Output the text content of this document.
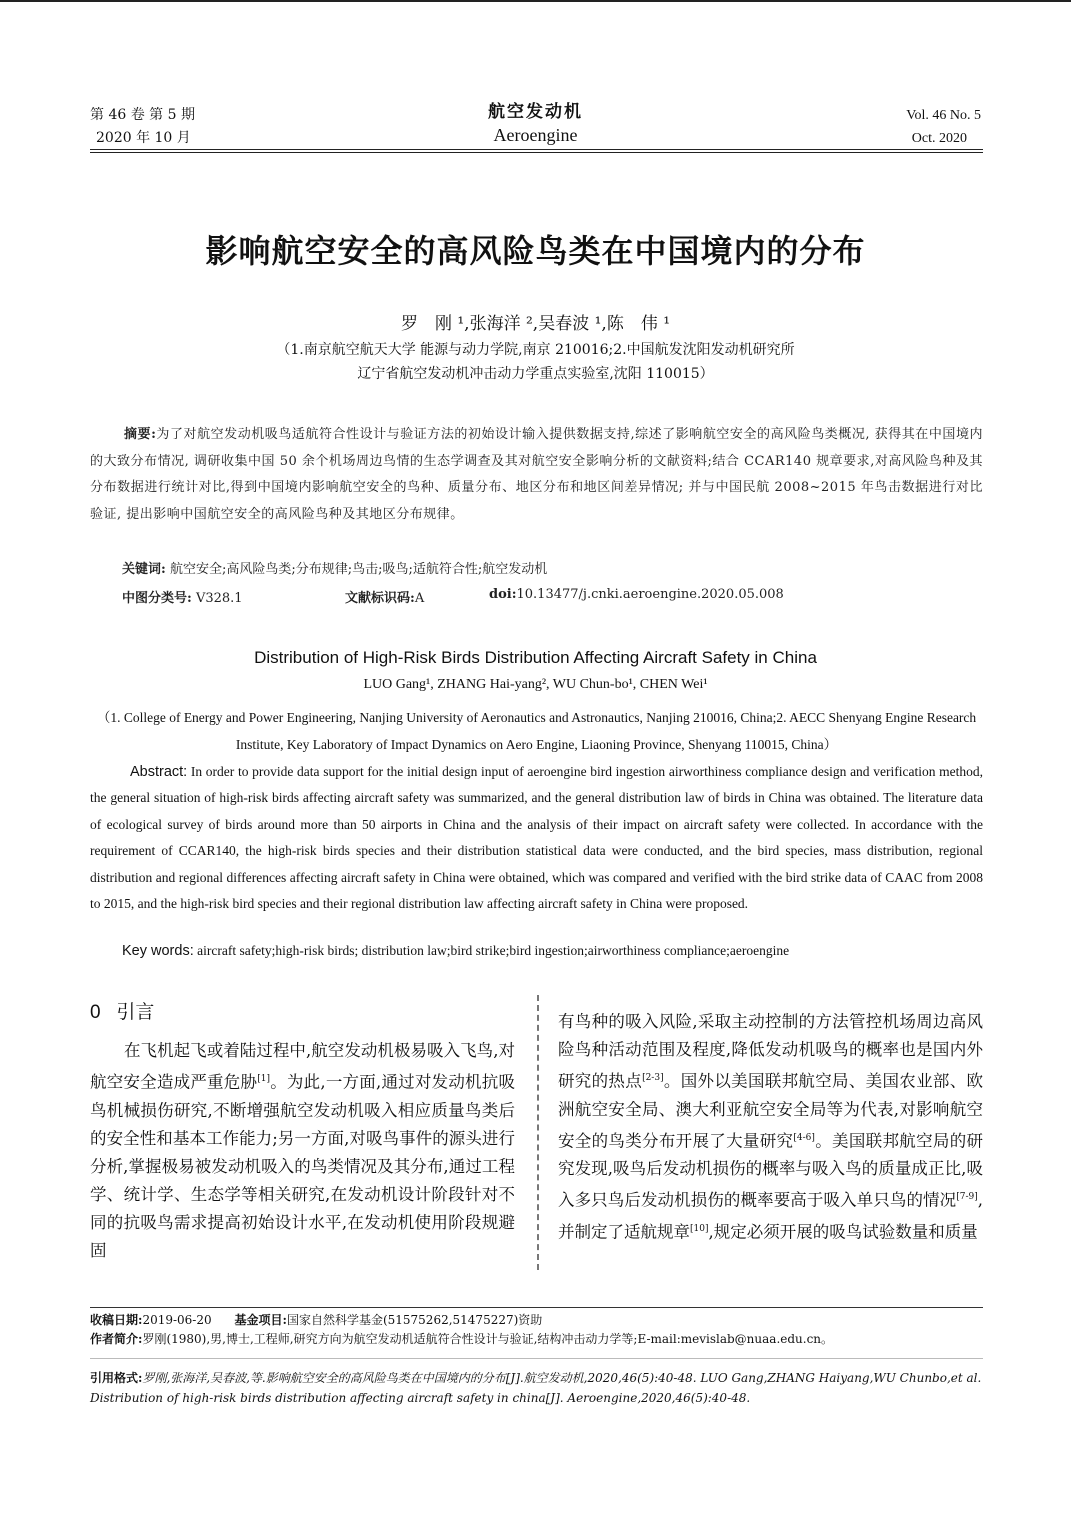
第 46 卷 第 5 期
2020 年 10 月
航空发动机
Aeroengine
Vol. 46 No. 5
Oct. 2020
影响航空安全的高风险鸟类在中国境内的分布
罗　刚 ¹,张海洋 ²,吴春波 ¹,陈　伟 ¹
（1.南京航空航天大学 能源与动力学院,南京 210016;2.中国航发沈阳发动机研究所
辽宁省航空发动机冲击动力学重点实验室,沈阳 110015）
摘要:为了对航空发动机吸鸟适航符合性设计与验证方法的初始设计输入提供数据支持,综述了影响航空安全的高风险鸟类概况, 获得其在中国境内的大致分布情况, 调研收集中国 50 余个机场周边鸟情的生态学调查及其对航空安全影响分析的文献资料;结合 CCAR140 规章要求,对高风险鸟种及其分布数据进行统计对比,得到中国境内影响航空安全的鸟种、质量分布、地区分布和地区间差异情况; 并与中国民航 2008~2015 年鸟击数据进行对比验证, 提出影响中国航空安全的高风险鸟种及其地区分布规律。
关键词: 航空安全;高风险鸟类;分布规律;鸟击;吸鸟;适航符合性;航空发动机
中图分类号: V328.1	文献标识码:A	doi:10.13477/j.cnki.aeroengine.2020.05.008
Distribution of High-Risk Birds Distribution Affecting Aircraft Safety in China
LUO Gang¹, ZHANG Hai-yang², WU Chun-bo¹, CHEN Wei¹
（1. College of Energy and Power Engineering, Nanjing University of Aeronautics and Astronautics, Nanjing 210016, China;2. AECC Shenyang Engine Research Institute, Key Laboratory of Impact Dynamics on Aero Engine, Liaoning Province, Shenyang 110015, China）
Abstract: In order to provide data support for the initial design input of aeroengine bird ingestion airworthiness compliance design and verification method, the general situation of high-risk birds affecting aircraft safety was summarized, and the general distribution law of birds in China was obtained. The literature data of ecological survey of birds around more than 50 airports in China and the analysis of their impact on aircraft safety were collected. In accordance with the requirement of CCAR140, the high-risk birds species and their distribution statistical data were conducted, and the bird species, mass distribution, regional distribution and regional differences affecting aircraft safety in China were obtained, which was compared and verified with the bird strike data of CAAC from 2008 to 2015, and the high-risk bird species and their regional distribution law affecting aircraft safety in China were proposed.
Key words: aircraft safety;high-risk birds; distribution law;bird strike;bird ingestion;airworthiness compliance;aeroengine
0 引言
在飞机起飞或着陆过程中,航空发动机极易吸入飞鸟,对航空安全造成严重危胁[1]。为此,一方面,通过对发动机抗吸鸟机械损伤研究,不断增强航空发动机吸入相应质量鸟类后的安全性和基本工作能力;另一方面,对吸鸟事件的源头进行分析,掌握极易被发动机吸入的鸟类情况及其分布,通过工程学、统计学、生态学等相关研究,在发动机设计阶段针对不同的抗吸鸟需求提高初始设计水平,在发动机使用阶段规避固
有鸟种的吸入风险,采取主动控制的方法管控机场周边高风险鸟种活动范围及程度,降低发动机吸鸟的概率也是国内外研究的热点[2-3]。国外以美国联邦航空局、美国农业部、欧洲航空安全局、澳大利亚航空安全局等为代表,对影响航空安全的鸟类分布开展了大量研究[4-6]。美国联邦航空局的研究发现,吸鸟后发动机损伤的概率与吸入鸟的质量成正比,吸入多只鸟后发动机损伤的概率要高于吸入单只鸟的情况[7-9],并制定了适航规章[10],规定必须开展的吸鸟试验数量和质量
收稿日期:2019-06-20 基金项目:国家自然科学基金(51575262,51475227)资助
作者简介:罗刚(1980),男,博士,工程师,研究方向为航空发动机适航符合性设计与验证,结构冲击动力学等;E-mail:mevislab@nuaa.edu.cn。
引用格式:罗刚,张海洋,吴春波,等.影响航空安全的高风险鸟类在中国境内的分布[J].航空发动机,2020,46(5):40-48. LUO Gang,ZHANG Haiyang,WU Chunbo,et al. Distribution of high-risk birds distribution affecting aircraft safety in china[J]. Aeroengine,2020,46(5):40-48.
